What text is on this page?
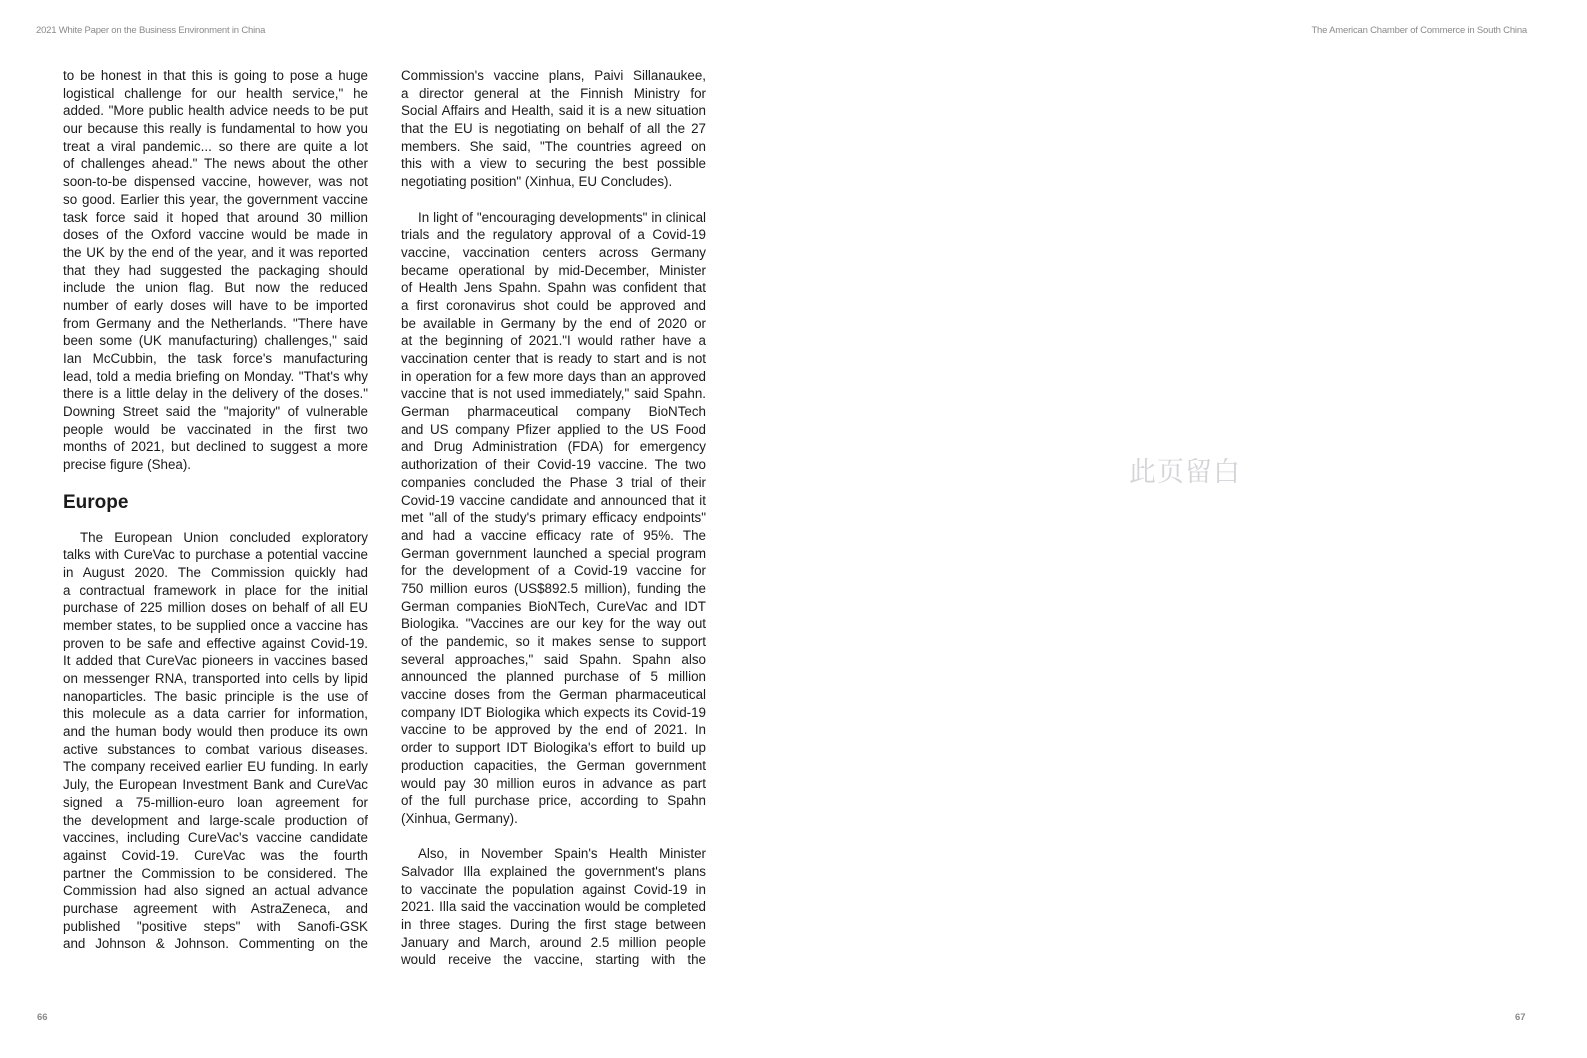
2021 White Paper on the Business Environment in China	The American Chamber of Commerce in South China
to be honest in that this is going to pose a huge
logistical challenge for our health service," he
added. "More public health advice needs to be put
our because this really is fundamental to how you
treat a viral pandemic... so there are quite a lot
of challenges ahead." The news about the other
soon-to-be dispensed vaccine, however, was not
so good. Earlier this year, the government vaccine
task force said it hoped that around 30 million
doses of the Oxford vaccine would be made in
the UK by the end of the year, and it was reported
that they had suggested the packaging should
include the union flag. But now the reduced
number of early doses will have to be imported
from Germany and the Netherlands. "There have
been some (UK manufacturing) challenges," said
Ian McCubbin, the task force's manufacturing
lead, told a media briefing on Monday. "That's why
there is a little delay in the delivery of the doses."
Downing Street said the "majority" of vulnerable
people would be vaccinated in the first two
months of 2021, but declined to suggest a more
precise figure (Shea).
Europe
The European Union concluded exploratory
talks with CureVac to purchase a potential vaccine
in August 2020. The Commission quickly had
a contractual framework in place for the initial
purchase of 225 million doses on behalf of all EU
member states, to be supplied once a vaccine has
proven to be safe and effective against Covid-19.
It added that CureVac pioneers in vaccines based
on messenger RNA, transported into cells by lipid
nanoparticles. The basic principle is the use of
this molecule as a data carrier for information,
and the human body would then produce its own
active substances to combat various diseases.
The company received earlier EU funding. In early
July, the European Investment Bank and CureVac
signed a 75-million-euro loan agreement for
the development and large-scale production of
vaccines, including CureVac's vaccine candidate
against Covid-19. CureVac was the fourth
partner the Commission to be considered. The
Commission had also signed an actual advance
purchase agreement with AstraZeneca, and
published "positive steps" with Sanofi-GSK
and Johnson & Johnson. Commenting on the
Commission's vaccine plans, Paivi Sillanaukee,
a director general at the Finnish Ministry for
Social Affairs and Health, said it is a new situation
that the EU is negotiating on behalf of all the 27
members. She said, "The countries agreed on
this with a view to securing the best possible
negotiating position" (Xinhua, EU Concludes).
In light of "encouraging developments" in clinical
trials and the regulatory approval of a Covid-19
vaccine, vaccination centers across Germany
became operational by mid-December, Minister
of Health Jens Spahn. Spahn was confident that
a first coronavirus shot could be approved and
be available in Germany by the end of 2020 or
at the beginning of 2021."I would rather have a
vaccination center that is ready to start and is not
in operation for a few more days than an approved
vaccine that is not used immediately," said Spahn.
German pharmaceutical company BioNTech
and US company Pfizer applied to the US Food
and Drug Administration (FDA) for emergency
authorization of their Covid-19 vaccine. The two
companies concluded the Phase 3 trial of their
Covid-19 vaccine candidate and announced that it
met "all of the study's primary efficacy endpoints"
and had a vaccine efficacy rate of 95%. The
German government launched a special program
for the development of a Covid-19 vaccine for
750 million euros (US$892.5 million), funding the
German companies BioNTech, CureVac and IDT
Biologika. "Vaccines are our key for the way out
of the pandemic, so it makes sense to support
several approaches," said Spahn. Spahn also
announced the planned purchase of 5 million
vaccine doses from the German pharmaceutical
company IDT Biologika which expects its Covid-19
vaccine to be approved by the end of 2021. In
order to support IDT Biologika's effort to build up
production capacities, the German government
would pay 30 million euros in advance as part
of the full purchase price, according to Spahn
(Xinhua, Germany).
Also, in November Spain's Health Minister
Salvador Illa explained the government's plans
to vaccinate the population against Covid-19 in
2021. Illa said the vaccination would be completed
in three stages. During the first stage between
January and March, around 2.5 million people
would receive the vaccine, starting with the
此页留白
66	67
